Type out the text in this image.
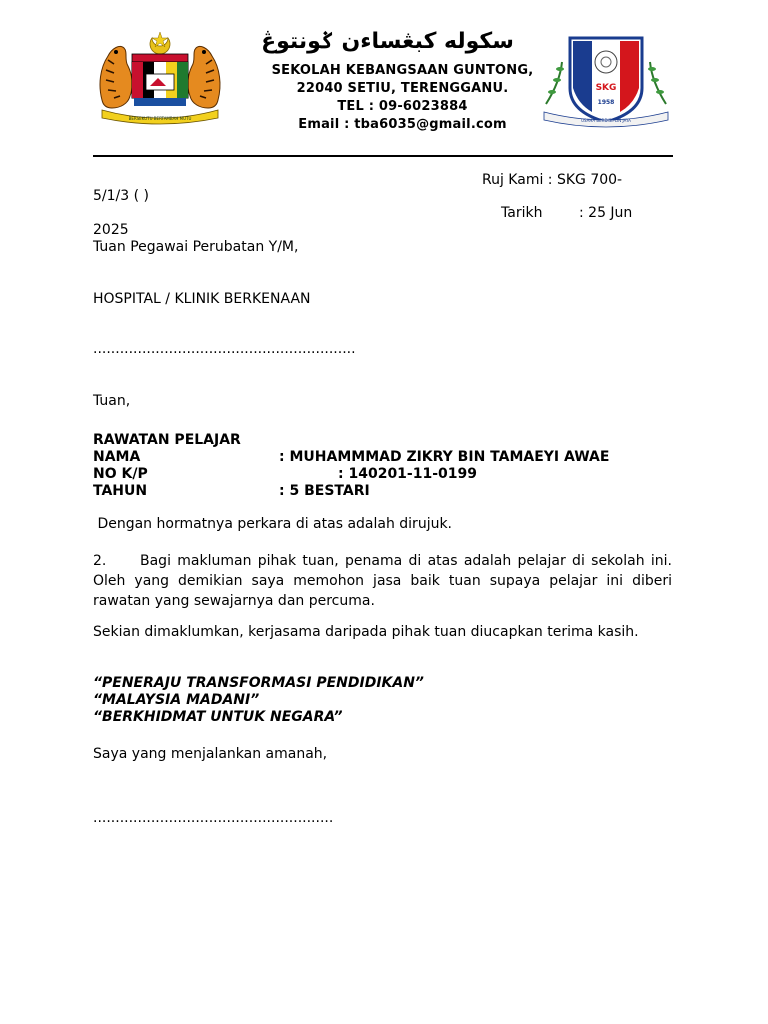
BERSEKUTU BERTAMBAH MUTU
سکوله کبڠساءن ݢونتوڠ
SEKOLAH KEBANGSAAN GUNTONG,
22040 SETIU, TERENGGANU.
TEL : 09-6023884
Email : tba6035@gmail.com
SKG
1958
USAHA BERDISIPLIN JAYA
Ruj Kami : SKG 700-
5/1/3 ( )
Tarikh	: 25 Jun
2025
Tuan Pegawai Perubatan Y/M,
HOSPITAL / KLINIK BERKENAAN
...........................................................
Tuan,
RAWATAN PELAJAR
NAMA	: MUHAMMMAD ZIKRY BIN TAMAEYI AWAE
NO K/P	: 140201-11-0199
TAHUN	: 5 BESTARI
Dengan hormatnya perkara di atas adalah dirujuk.
2. Bagi makluman pihak tuan, penama di atas adalah pelajar di sekolah ini. Oleh yang demikian saya memohon jasa baik tuan supaya pelajar ini diberi rawatan yang sewajarnya dan percuma.
Sekian dimaklumkan, kerjasama daripada pihak tuan diucapkan terima kasih.
“PENERAJU TRANSFORMASI PENDIDIKAN”
“MALAYSIA MADANI”
“BERKHIDMAT UNTUK NEGARA”
Saya yang menjalankan amanah,
......................................................
